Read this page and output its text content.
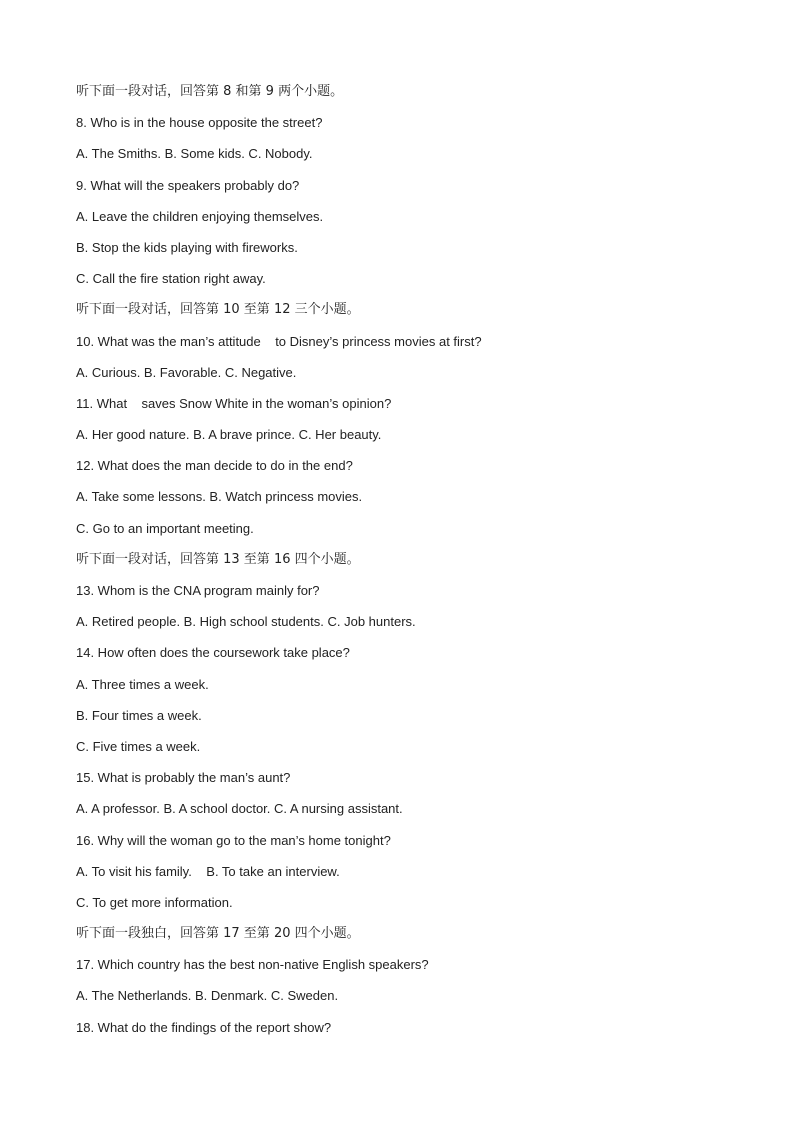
听下面一段对话，回答第 8 和第 9 两个小题。
8. Who is in the house opposite the street?
A. The Smiths. B. Some kids. C. Nobody.
9. What will the speakers probably do?
A. Leave the children enjoying themselves.
B. Stop the kids playing with fireworks.
C. Call the fire station right away.
听下面一段对话，回答第 10 至第 12 三个小题。
10. What was the man’s attitude    to Disney’s princess movies at first?
A. Curious. B. Favorable. C. Negative.
11. What    saves Snow White in the woman’s opinion?
A. Her good nature. B. A brave prince. C. Her beauty.
12. What does the man decide to do in the end?
A. Take some lessons. B. Watch princess movies.
C. Go to an important meeting.
听下面一段对话，回答第 13 至第 16 四个小题。
13. Whom is the CNA program mainly for?
A. Retired people. B. High school students. C. Job hunters.
14. How often does the coursework take place?
A. Three times a week.
B. Four times a week.
C. Five times a week.
15. What is probably the man’s aunt?
A. A professor. B. A school doctor. C. A nursing assistant.
16. Why will the woman go to the man’s home tonight?
A. To visit his family.    B. To take an interview.
C. To get more information.
听下面一段独白，回答第 17 至第 20 四个小题。
17. Which country has the best non-native English speakers?
A. The Netherlands. B. Denmark. C. Sweden.
18. What do the findings of the report show?
